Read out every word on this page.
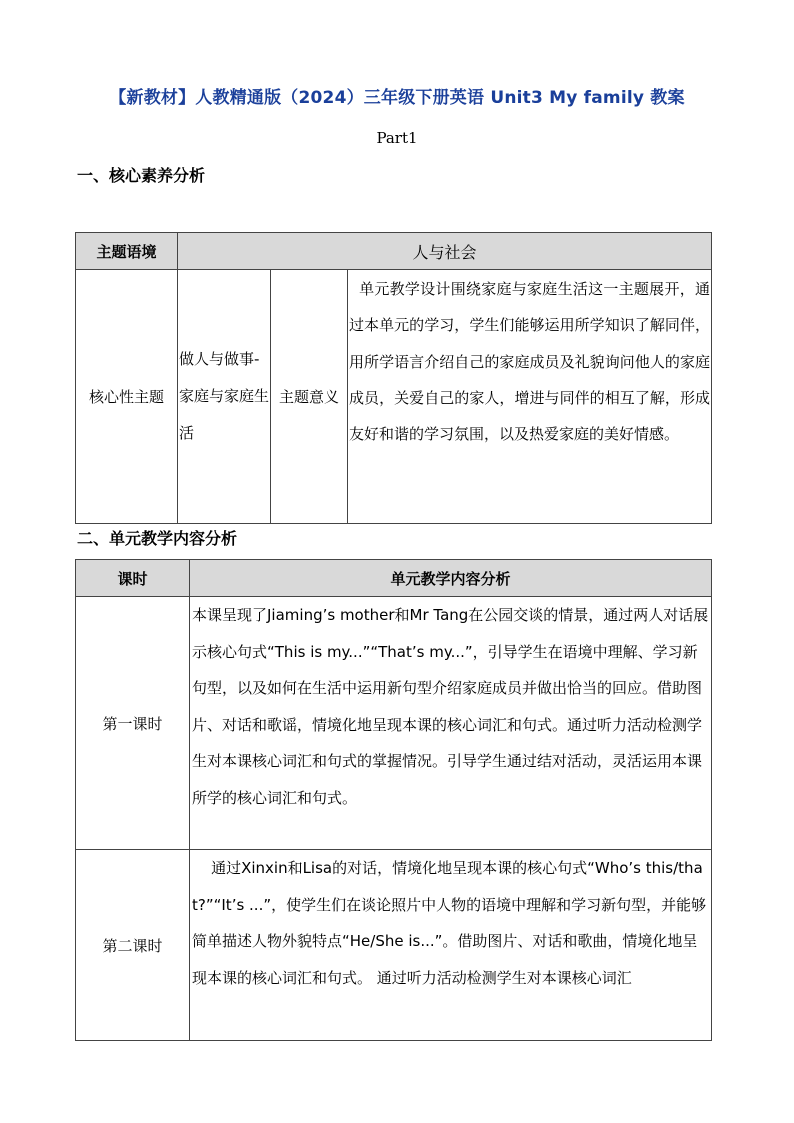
【新教材】人教精通版（2024）三年级下册英语 Unit3 My family 教案
Part1
一、核心素养分析
主题语境	人与社会		
核心性主题	做人与做事-家庭与家庭生活	主题意义	单元教学设计围绕家庭与家庭生活这一主题展开，通过本单元的学习，学生们能够运用所学知识了解同伴，用所学语言介绍自己的家庭成员及礼貌询问他人的家庭成员，关爱自己的家人，增进与同伴的相互了解，形成友好和谐的学习氛围，以及热爱家庭的美好情感。
二、单元教学内容分析
课时	单元教学内容分析
第一课时	本课呈现了Jiaming’s mother和Mr Tang在公园交谈的情景，通过两人对话展示核心句式“This is my...”“That’s my...”，引导学生在语境中理解、学习新句型，以及如何在生活中运用新句型介绍家庭成员并做出恰当的回应。借助图片、对话和歌谣，情境化地呈现本课的核心词汇和句式。通过听力活动检测学生对本课核心词汇和句式的掌握情况。引导学生通过结对活动，灵活运用本课所学的核心词汇和句式。

第二课时	通过Xinxin和Lisa的对话，情境化地呈现本课的核心句式“Who’s this/that?”“It’s ...”，使学生们在谈论照片中人物的语境中理解和学习新句型，并能够简单描述人物外貌特点“He/She is...”。借助图片、对话和歌曲，情境化地呈现本课的核心词汇和句式。 通过听力活动检测学生对本课核心词汇
